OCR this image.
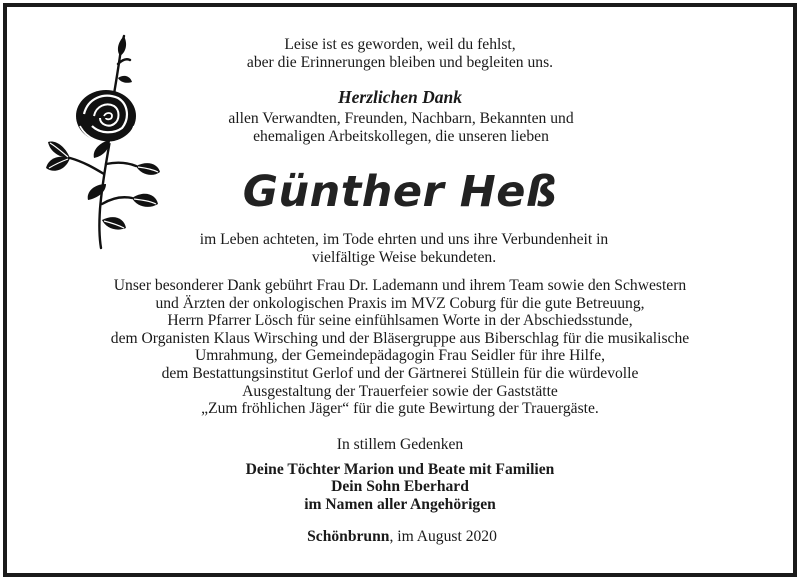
Leise ist es geworden, weil du fehlst,
aber die Erinnerungen bleiben und begleiten uns.
Herzlichen Dank
allen Verwandten, Freunden, Nachbarn, Bekannten und
ehemaligen Arbeitskollegen, die unseren lieben
Günther Heß
im Leben achteten, im Tode ehrten und uns ihre Verbundenheit in
vielfältige Weise bekundeten.
Unser besonderer Dank gebührt Frau Dr. Lademann und ihrem Team sowie den Schwestern
und Ärzten der onkologischen Praxis im MVZ Coburg für die gute Betreuung,
Herrn Pfarrer Lösch für seine einfühlsamen Worte in der Abschiedsstunde,
dem Organisten Klaus Wirsching und der Bläsergruppe aus Biberschlag für die musikalische
Umrahmung, der Gemeindepädagogin Frau Seidler für ihre Hilfe,
dem Bestattungsinstitut Gerlof und der Gärtnerei Stüllein für die würdevolle
Ausgestaltung der Trauerfeier sowie der Gaststätte
„Zum fröhlichen Jäger“ für die gute Bewirtung der Trauergäste.
In stillem Gedenken
Deine Töchter Marion und Beate mit Familien
Dein Sohn Eberhard
im Namen aller Angehörigen
Schönbrunn, im August 2020
